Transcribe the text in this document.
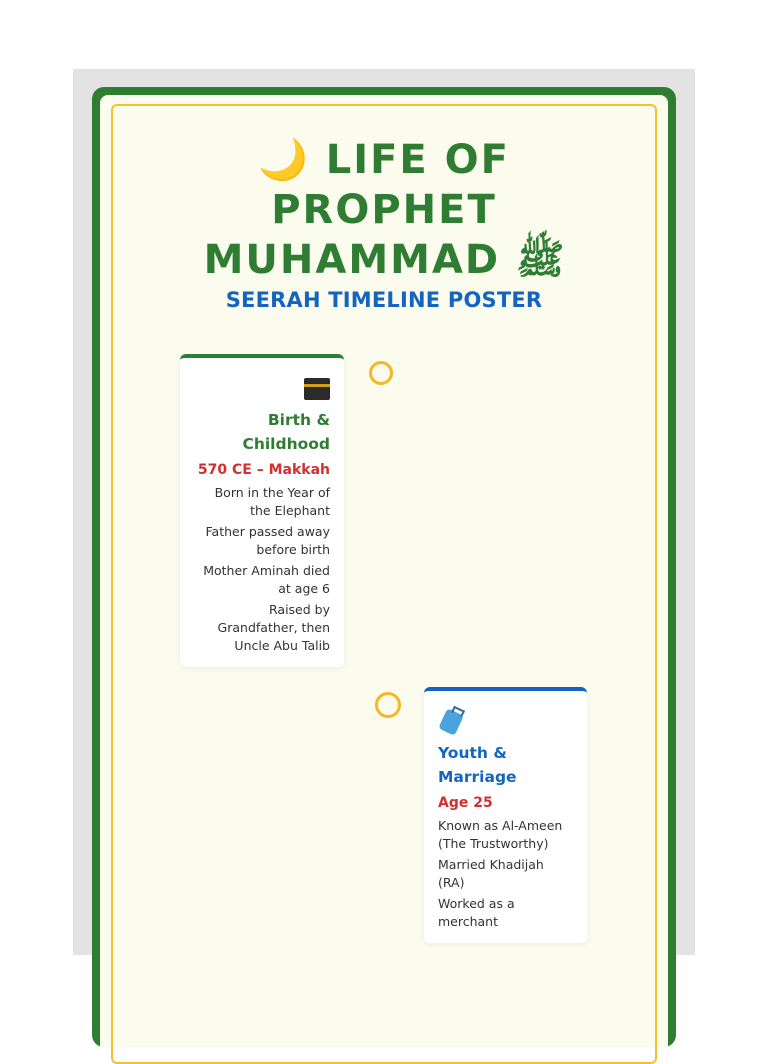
🌙 LIFE OF
PROPHET
MUHAMMAD ﷺ
SEERAH TIMELINE POSTER
Birth & Childhood
570 CE – Makkah
Born in the Year of the Elephant
Father passed away before birth
Mother Aminah died at age 6
Raised by Grandfather, then Uncle Abu Talib
Youth & Marriage
Age 25
Known as Al-Ameen (The Trustworthy)
Married Khadijah (RA)
Worked as a merchant
